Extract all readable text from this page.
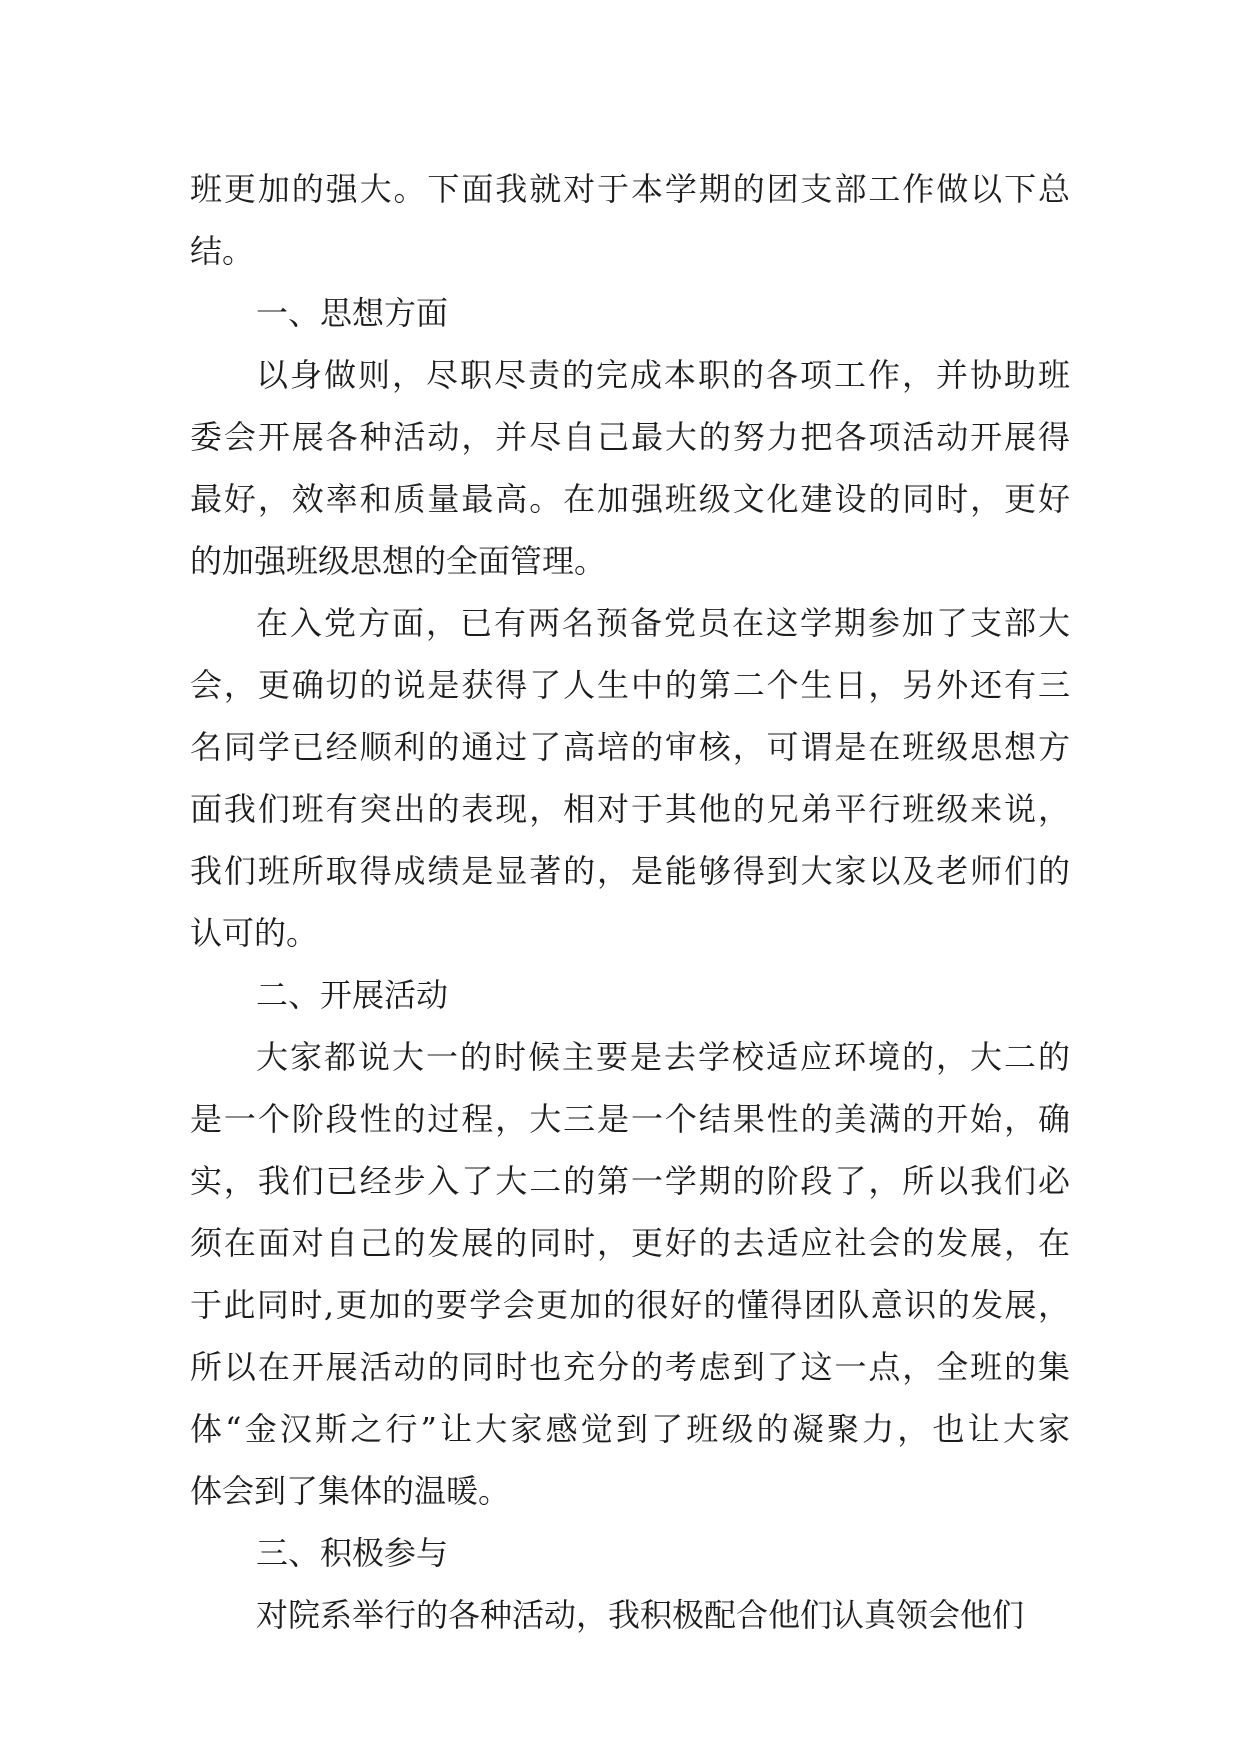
班更加的强大。下面我就对于本学期的团支部工作做以下总
结。
一、思想方面
以身做则，尽职尽责的完成本职的各项工作，并协助班
委会开展各种活动，并尽自己最大的努力把各项活动开展得
最好，效率和质量最高。在加强班级文化建设的同时，更好
的加强班级思想的全面管理。
在入党方面，已有两名预备党员在这学期参加了支部大
会，更确切的说是获得了人生中的第二个生日，另外还有三
名同学已经顺利的通过了高培的审核，可谓是在班级思想方
面我们班有突出的表现，相对于其他的兄弟平行班级来说，
我们班所取得成绩是显著的，是能够得到大家以及老师们的
认可的。
二、开展活动
大家都说大一的时候主要是去学校适应环境的，大二的
是一个阶段性的过程，大三是一个结果性的美满的开始，确
实，我们已经步入了大二的第一学期的阶段了，所以我们必
须在面对自己的发展的同时，更好的去适应社会的发展，在
于此同时,更加的要学会更加的很好的懂得团队意识的发展，
所以在开展活动的同时也充分的考虑到了这一点，全班的集
体“金汉斯之行”让大家感觉到了班级的凝聚力，也让大家
体会到了集体的温暖。
三、积极参与
对院系举行的各种活动，我积极配合他们认真领会他们
